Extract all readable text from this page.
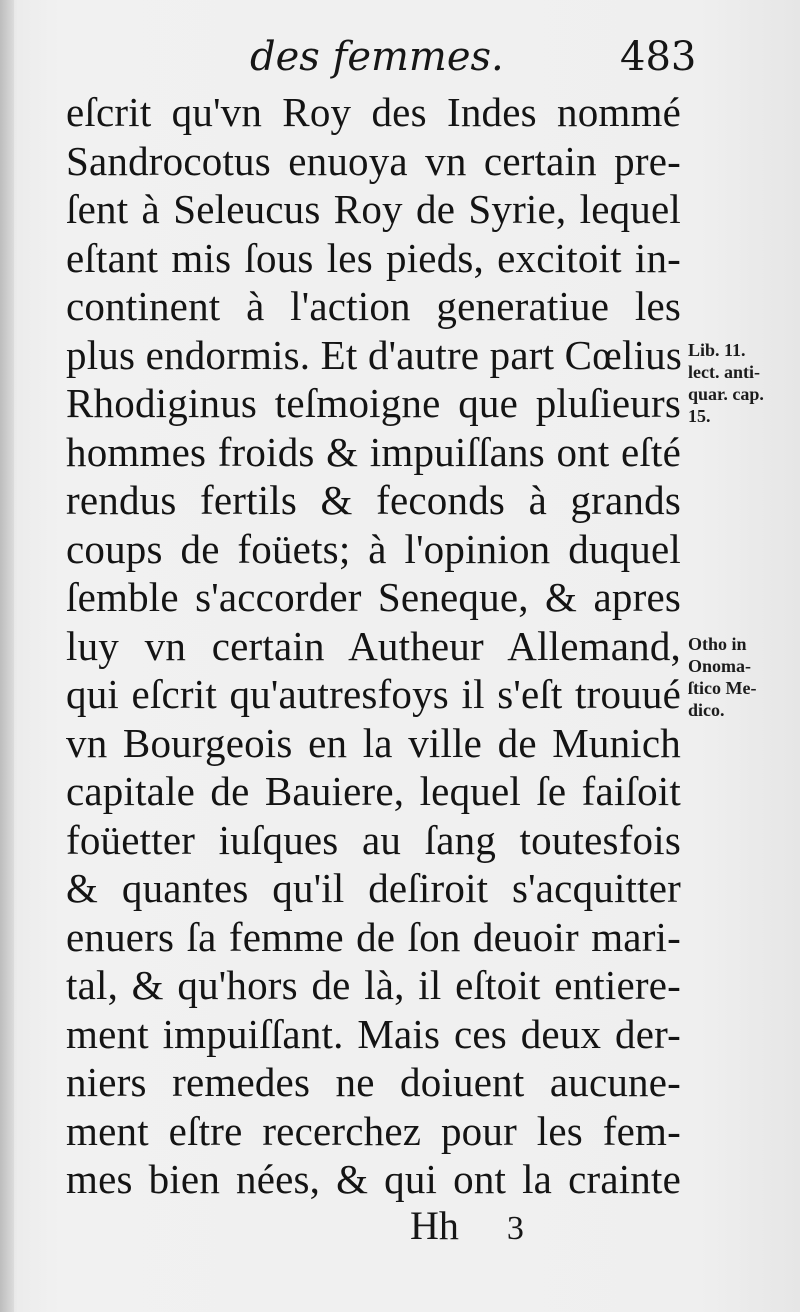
des femmes.	483
eſcrit qu'vn Roy des Indes nommé
Sandrocotus enuoya vn certain pre-
ſent à Seleucus Roy de Syrie, lequel
eſtant mis ſous les pieds, excitoit in-
continent à l'action generatiue les
plus endormis. Et d'autre part Cœlius
Rhodiginus teſmoigne que pluſieurs
hommes froids & impuiſſans ont eſté
rendus fertils & feconds à grands
coups de foüets; à l'opinion duquel
ſemble s'accorder Seneque, & apres
luy vn certain Autheur Allemand,
qui eſcrit qu'autresfoys il s'eſt trouué
vn Bourgeois en la ville de Munich
capitale de Bauiere, lequel ſe faiſoit
foüetter iuſques au ſang toutesfois
& quantes qu'il deſiroit s'acquitter
enuers ſa femme de ſon deuoir mari-
tal, & qu'hors de là, il eſtoit entiere-
ment impuiſſant. Mais ces deux der-
niers remedes ne doiuent aucune-
ment eſtre recerchez pour les fem-
mes bien nées, & qui ont la crainte
Lib. 11.
lect. anti-
quar. cap.
15.
Otho in
Onoma-
ſtico Me-
dico.
Hh 3
